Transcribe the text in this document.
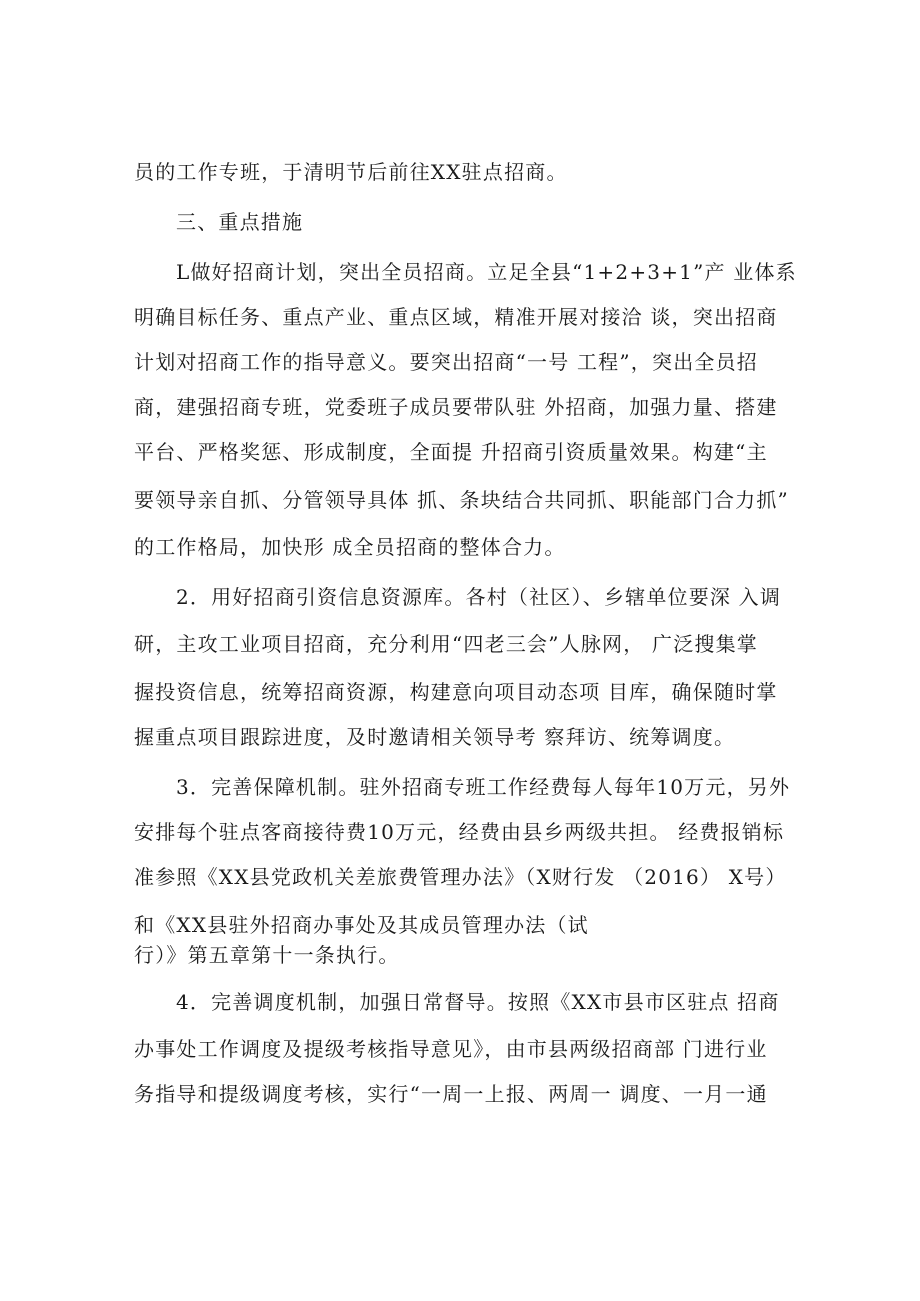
员的工作专班，于清明节后前往XX驻点招商。
三、重点措施
L做好招商计划，突出全员招商。立足全县“1+2+3+1”产 业体系
明确目标任务、重点产业、重点区域，精准开展对接洽 谈，突出招商
计划对招商工作的指导意义。要突出招商“一号 工程”，突出全员招
商，建强招商专班，党委班子成员要带队驻 外招商，加强力量、搭建
平台、严格奖惩、形成制度，全面提 升招商引资质量效果。构建“主
要领导亲自抓、分管领导具体 抓、条块结合共同抓、职能部门合力抓”
的工作格局，加快形 成全员招商的整体合力。
2．用好招商引资信息资源库。各村（社区）、乡辖单位要深 入调
研，主攻工业项目招商，充分利用“四老三会”人脉网， 广泛搜集掌
握投资信息，统筹招商资源，构建意向项目动态项 目库，确保随时掌
握重点项目跟踪进度，及时邀请相关领导考 察拜访、统筹调度。
3．完善保障机制。驻外招商专班工作经费每人每年10万元，另外
安排每个驻点客商接待费10万元，经费由县乡两级共担。 经费报销标
准参照《XX县党政机关差旅费管理办法》（X财行发 （2016） X号）
和《XX县驻外招商办事处及其成员管理办法（试
行）》第五章第十一条执行。
4．完善调度机制，加强日常督导。按照《XX市县市区驻点 招商
办事处工作调度及提级考核指导意见》，由市县两级招商部 门进行业
务指导和提级调度考核，实行“一周一上报、两周一 调度、一月一通
